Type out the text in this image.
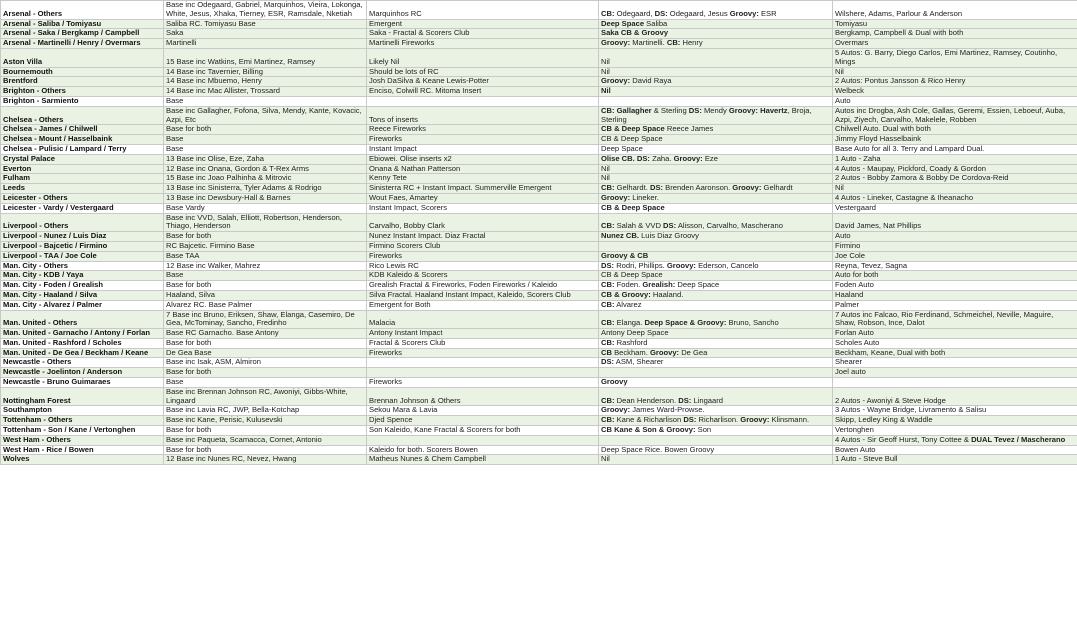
Arsenal - Others	Base inc Odegaard, Gabriel, Marquinhos, Vieira, Lokonga, White, Jesus, Xhaka, Tierney, ESR, Ramsdale, Nketiah	Marquinhos RC	CB: Odegaard, DS: Odegaard, Jesus Groovy: ESR	Wilshere, Adams, Parlour & Anderson
Arsenal - Saliba / Tomiyasu	Saliba RC. Tomiyasu Base	Emergent	Deep Space Saliba	Tomiyasu
Arsenal - Saka / Bergkamp / Campbell	Saka	Saka - Fractal & Scorers Club	Saka CB & Groovy	Bergkamp, Campbell & Dual with both
Arsenal - Martinelli / Henry / Overmars	Martinelli	Martinelli Fireworks	Groovy: Martinelli. CB: Henry	Overmars
Aston Villa	15 Base inc Watkins, Emi Martinez, Ramsey	Likely Nil	Nil	5 Autos: G. Barry, Diego Carlos, Emi Martinez, Ramsey, Coutinho, Mings
Bournemouth	14 Base inc Tavernier, Billing	Should be lots of RC	Nil	Nil
Brentford	14 Base inc Mbuemo, Henry	Josh DaSilva & Keane Lewis-Potter	Groovy: David Raya	2 Autos: Pontus Jansson & Rico Henry
Brighton - Others	14 Base inc Mac Allister, Trossard	Enciso, Colwill RC. Mitoma Insert	Nil	Welbeck
Brighton - Sarmiento	Base			Auto
Chelsea - Others	Base inc Gallagher, Fofona, Silva, Mendy, Kante, Kovacic, Azpi, Etc	Tons of inserts	CB: Gallagher & Sterling DS: Mendy Groovy: Havertz, Broja, Sterling	Autos inc Drogba, Ash Cole, Gallas, Geremi, Essien, Leboeuf, Auba, Azpi, Ziyech, Carvalho, Makelele, Robben
Chelsea - James / Chilwell	Base for both	Reece Fireworks	CB & Deep Space Reece James	Chilwell Auto. Dual with both
Chelsea - Mount / Hasselbaink	Base	Fireworks	CB & Deep Space	Jimmy Floyd Hasselbaink
Chelsea - Pulisic / Lampard / Terry	Base	Instant Impact	Deep Space	Base Auto for all 3. Terry and Lampard Dual.
Crystal Palace	13 Base inc Olise, Eze, Zaha	Ebiowei. Olise inserts x2	Olise CB. DS: Zaha. Groovy: Eze	1 Auto - Zaha
Everton	12 Base inc Onana, Gordon & T-Rex Arms	Onana & Nathan Patterson	Nil	4 Autos - Maupay, Pickford, Coady & Gordon
Fulham	15 Base inc Joao Palhinha & Mitrovic	Kenny Tete	Nil	2 Autos - Bobby Zamora & Bobby De Cordova-Reid
Leeds	13 Base inc Sinisterra, Tyler Adams & Rodrigo	Sinisterra RC + Instant Impact. Summerville Emergent	CB: Gelhardt. DS: Brenden Aaronson. Groovy: Gelhardt	Nil
Leicester - Others	13 Base inc Dewsbury-Hall & Barnes	Wout Faes, Amartey	Groovy: Lineker.	4 Autos - Lineker, Castagne & Iheanacho
Leicester - Vardy / Vestergaard	Base Vardy	Instant Impact, Scorers	CB & Deep Space	Vestergaard
Liverpool - Others	Base inc VVD, Salah, Elliott, Robertson, Henderson, Thiago, Henderson	Carvalho, Bobby Clark	CB: Salah & VVD DS: Alisson, Carvalho, Mascherano	David James, Nat Phillips
Liverpool - Nunez / Luis Diaz	Base for both	Nunez Instant Impact. Diaz Fractal	Nunez CB. Luis Diaz Groovy	Auto
Liverpool - Bajcetic / Firmino	RC Bajcetic. Firmino Base	Firmino Scorers Club		Firmino
Liverpool - TAA / Joe Cole	Base TAA	Fireworks	Groovy & CB	Joe Cole
Man. City - Others	12 Base inc Walker, Mahrez	Rico Lewis RC	DS: Rodri, Phillips. Groovy: Ederson, Cancelo	Reyna, Tevez, Sagna
Man. City - KDB / Yaya	Base	KDB Kaleido & Scorers	CB & Deep Space	Auto for both
Man. City - Foden / Grealish	Base for both	Grealish Fractal & Fireworks, Foden Fireworks / Kaleido	CB: Foden. Grealish: Deep Space	Foden Auto
Man. City - Haaland / Silva	Haaland, Silva	Silva Fractal. Haaland Instant Impact, Kaleido, Scorers Club	CB & Groovy: Haaland.	Haaland
Man. City - Alvarez / Palmer	Alvarez RC. Base Palmer	Emergent for Both	CB: Alvarez	Palmer
Man. United - Others	7 Base inc Bruno, Eriksen, Shaw, Elanga, Casemiro, De Gea, McTominay, Sancho, Fredinho	Malacia	CB: Elanga. Deep Space & Groovy: Bruno, Sancho	7 Autos inc Falcao, Rio Ferdinand, Schmeichel, Neville, Maguire, Shaw, Robson, Ince, Dalot
Man. United - Garnacho / Antony / Forlan	Base RC Garnacho. Base Antony	Antony Instant Impact	Antony Deep Space	Forlan Auto
Man. United - Rashford / Scholes	Base for both	Fractal & Scorers Club	CB: Rashford	Scholes Auto
Man. United - De Gea / Beckham / Keane	De Gea Base	Fireworks	CB Beckham. Groovy: De Gea	Beckham, Keane, Dual with both
Newcastle - Others	Base inc Isak, ASM, Almiron		DS: ASM, Shearer	Shearer
Newcastle - Joelinton / Anderson	Base for both			Joel auto
Newcastle - Bruno Guimaraes	Base	Fireworks	Groovy	
Nottingham Forest	Base inc Brennan Johnson RC, Awoniyi, Gibbs-White, Lingaard	Brennan Johnson & Others	CB: Dean Henderson. DS: Lingaard	2 Autos - Awoniyi & Steve Hodge
Southampton	Base inc Lavia RC, JWP, Bella-Kotchap	Sekou Mara & Lavia	Groovy: James Ward-Prowse.	3 Autos - Wayne Bridge, Livramento & Salisu
Tottenham - Others	Base inc Kane, Perisic, Kulusevski	Djed Spence	CB: Kane & Richarlison DS: Richarlison. Groovy: Klinsmann.	Skipp, Ledley King & Waddle
Tottenham - Son / Kane / Vertonghen	Base for both	Son Kaleido, Kane Fractal & Scorers for both	CB Kane & Son & Groovy: Son	Vertonghen
West Ham - Others	Base inc Paqueta, Scamacca, Cornet, Antonio			4 Autos - Sir Geoff Hurst, Tony Cottee & DUAL Tevez / Mascherano
West Ham - Rice / Bowen	Base for both	Kaleido for both. Scorers Bowen	Deep Space Rice. Bowen Groovy	Bowen Auto
Wolves	12 Base inc Nunes RC, Nevez, Hwang	Matheus Nunes & Chem Campbell	Nil	1 Auto - Steve Bull
